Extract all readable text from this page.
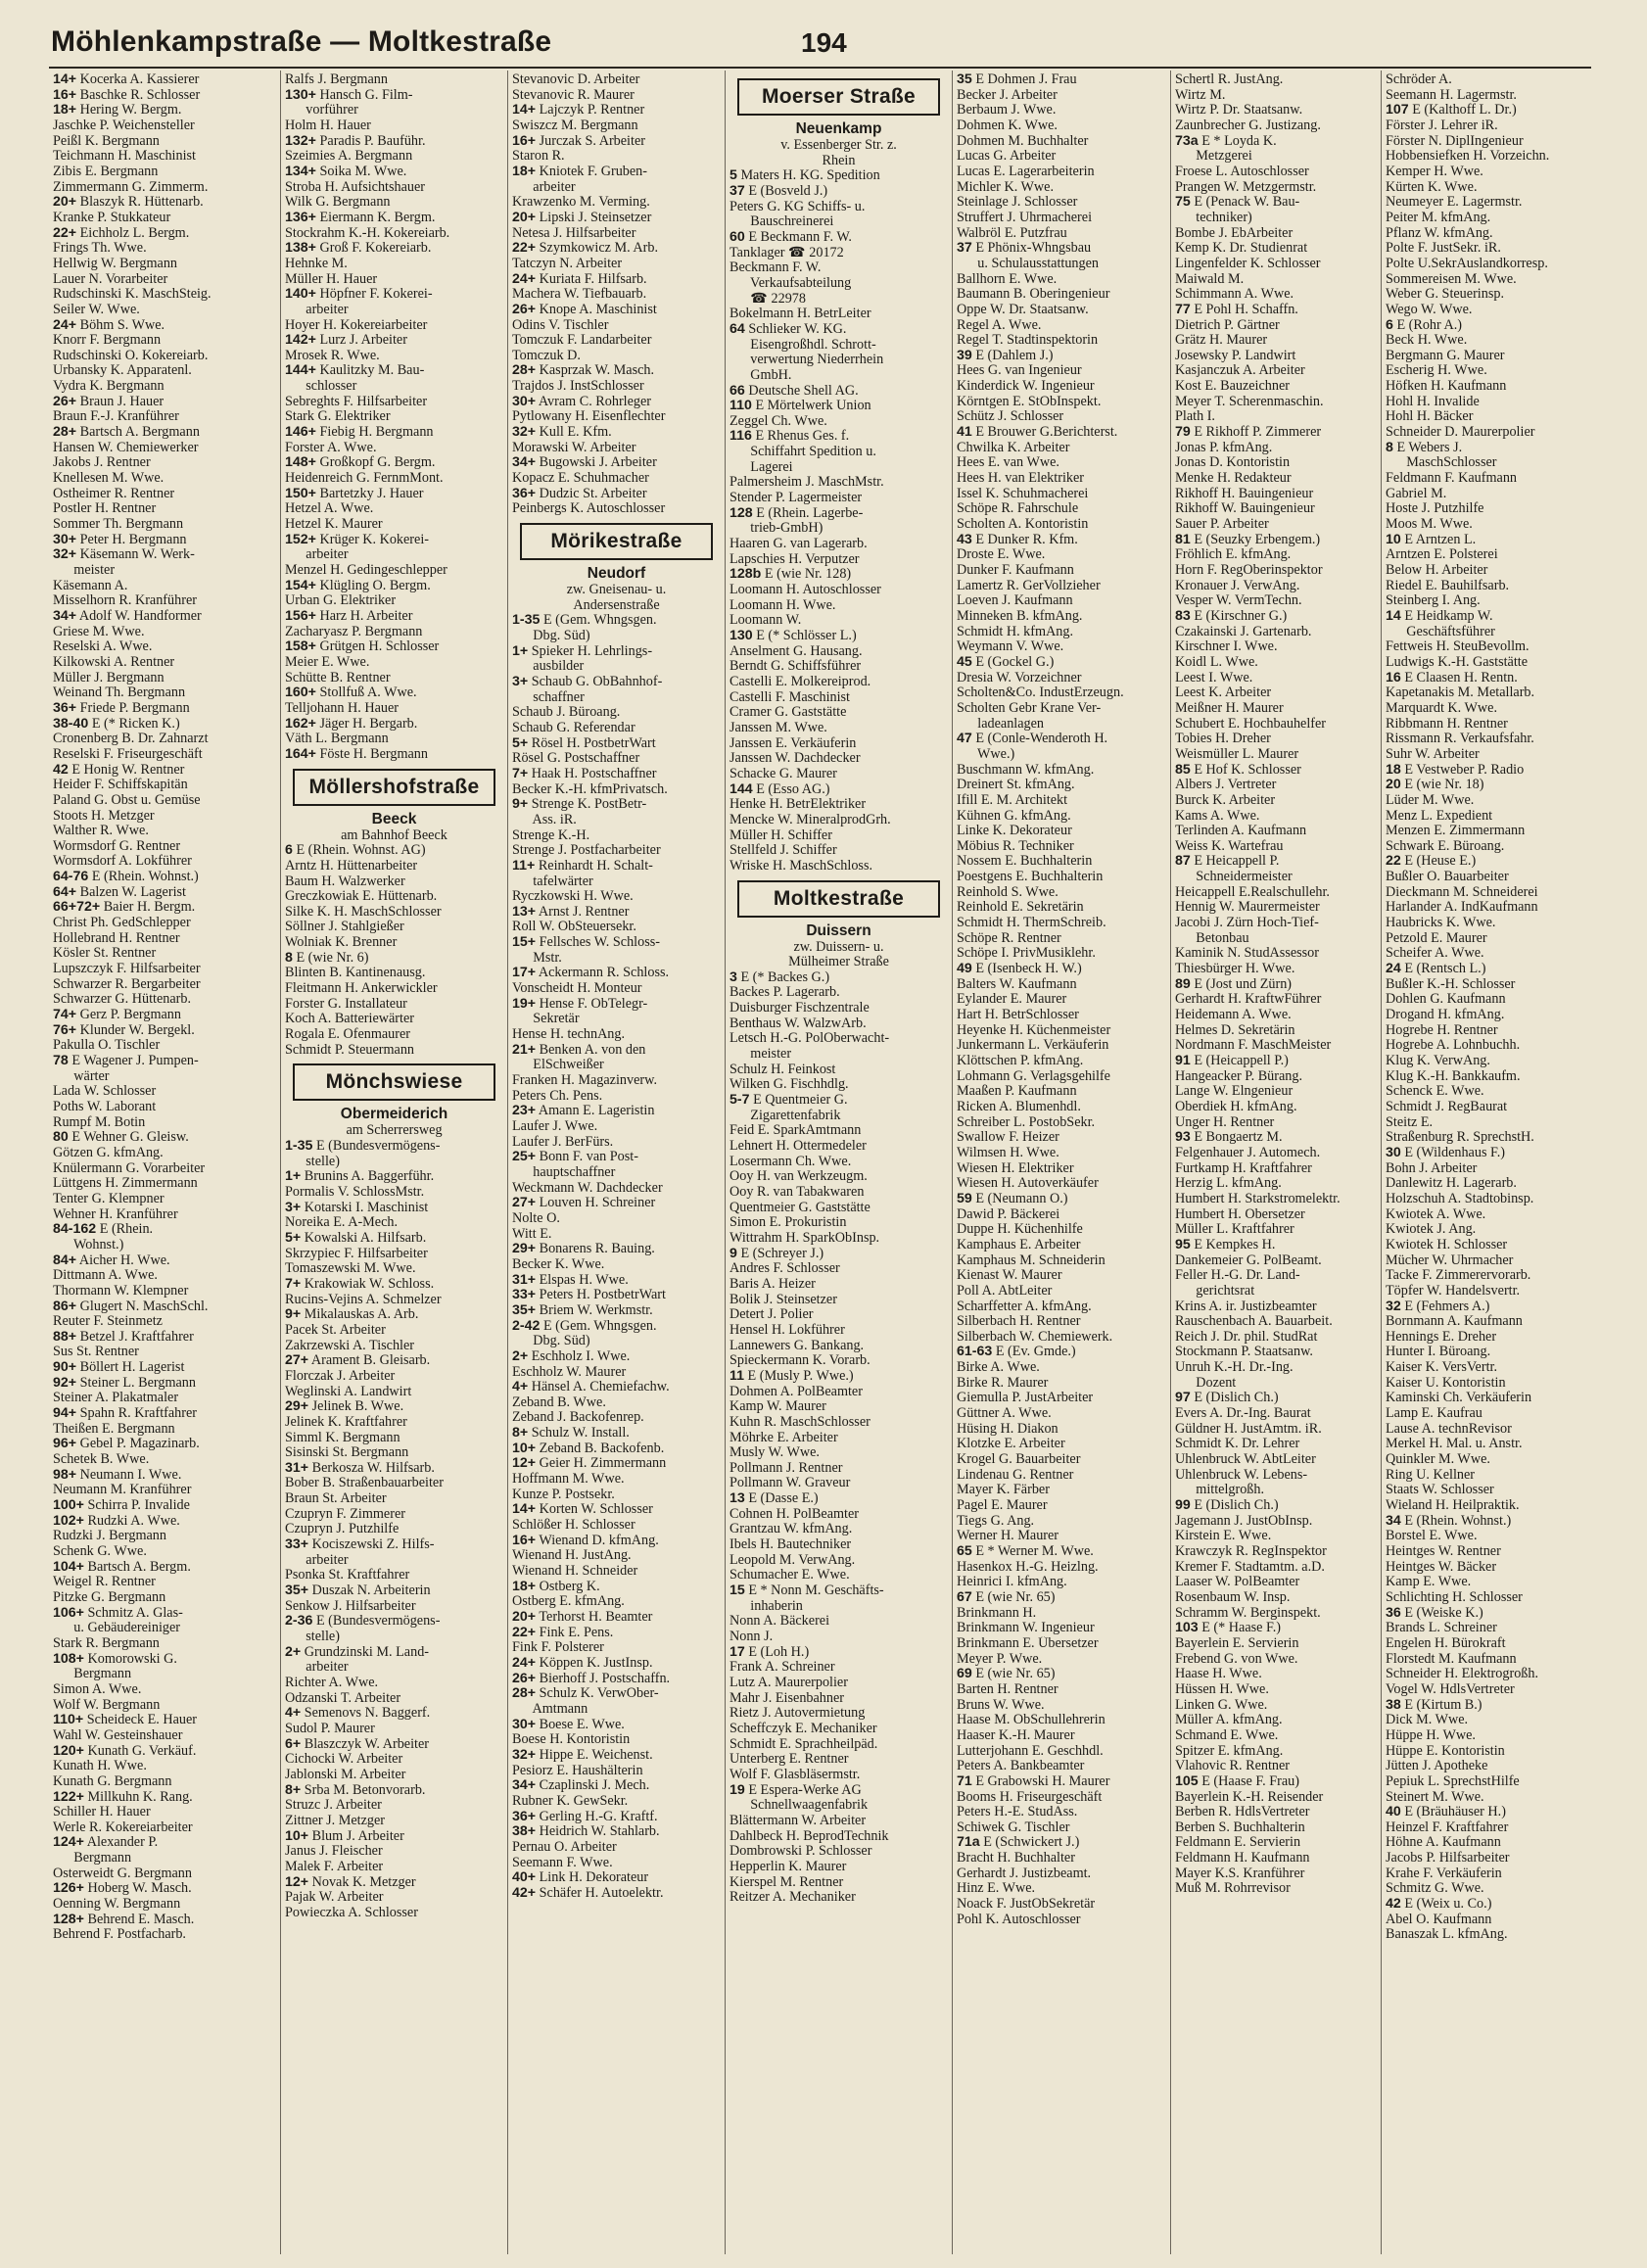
Möhlenkampstraße — Moltkestraße	194
14+ Kocerka A. Kassierer
16+ Baschke R. Schlosser
18+ Hering W. Bergm.
Jaschke P. Weichensteller
Peißl K. Bergmann
Teichmann H. Maschinist
Zibis E. Bergmann
Zimmermann G. Zimmerm.
20+ Blaszyk R. Hüttenarb.
Kranke P. Stukkateur
22+ Eichholz L. Bergm.
Frings Th. Wwe.
Hellwig W. Bergmann
Lauer N. Vorarbeiter
Rudschinski K. MaschSteig.
Seiler W. Wwe.
24+ Böhm S. Wwe.
Knorr F. Bergmann
Rudschinski O. Kokereiarb.
Urbansky K. Apparatenl.
Vydra K. Bergmann
26+ Braun J. Hauer
Braun F.-J. Kranführer
28+ Bartsch A. Bergmann
Hansen W. Chemiewerker
Jakobs J. Rentner
Knellesen M. Wwe.
Ostheimer R. Rentner
Postler H. Rentner
Sommer Th. Bergmann
30+ Peter H. Bergmann
32+ Käsemann W. Werk-
meister
Käsemann A.
Misselhorn R. Kranführer
34+ Adolf W. Handformer
Griese M. Wwe.
Reselski A. Wwe.
Kilkowski A. Rentner
Müller J. Bergmann
Weinand Th. Bergmann
36+ Friede P. Bergmann
38-40 E (* Ricken K.)
Cronenberg B. Dr. Zahnarzt
Reselski F. Friseurgeschäft
42 E Honig W. Rentner
Heider F. Schiffskapitän
Paland G. Obst u. Gemüse
Stoots H. Metzger
Walther R. Wwe.
Wormsdorf G. Rentner
Wormsdorf A. Lokführer
64-76 E (Rhein. Wohnst.)
64+ Balzen W. Lagerist
66+72+ Baier H. Bergm.
Christ Ph. GedSchlepper
Hollebrand H. Rentner
Kösler St. Rentner
Lupszczyk F. Hilfsarbeiter
Schwarzer R. Bergarbeiter
Schwarzer G. Hüttenarb.
74+ Gerz P. Bergmann
76+ Klunder W. Bergekl.
Pakulla O. Tischler
78 E Wagener J. Pumpen-
wärter
Lada W. Schlosser
Poths W. Laborant
Rumpf M. Botin
80 E Wehner G. Gleisw.
Götzen G. kfmAng.
Knülermann G. Vorarbeiter
Lüttgens H. Zimmermann
Tenter G. Klempner
Wehner H. Kranführer
84-162 E (Rhein.
Wohnst.)
84+ Aicher H. Wwe.
Dittmann A. Wwe.
Thormann W. Klempner
86+ Glugert N. MaschSchl.
Reuter F. Steinmetz
88+ Betzel J. Kraftfahrer
Sus St. Rentner
90+ Böllert H. Lagerist
92+ Steiner L. Bergmann
Steiner A. Plakatmaler
94+ Spahn R. Kraftfahrer
Theißen E. Bergmann
96+ Gebel P. Magazinarb.
Schetek B. Wwe.
98+ Neumann I. Wwe.
Neumann M. Kranführer
100+ Schirra P. Invalide
102+ Rudzki A. Wwe.
Rudzki J. Bergmann
Schenk G. Wwe.
104+ Bartsch A. Bergm.
Weigel R. Rentner
Pitzke G. Bergmann
106+ Schmitz A. Glas-
u. Gebäudereiniger
Stark R. Bergmann
108+ Komorowski G.
Bergmann
Simon A. Wwe.
Wolf W. Bergmann
110+ Scheideck E. Hauer
Wahl W. Gesteinshauer
120+ Kunath G. Verkäuf.
Kunath H. Wwe.
Kunath G. Bergmann
122+ Millkuhn K. Rang.
Schiller H. Hauer
Werle R. Kokereiarbeiter
124+ Alexander P.
Bergmann
Osterweidt G. Bergmann
126+ Hoberg W. Masch.
Oenning W. Bergmann
128+ Behrend E. Masch.
Behrend F. Postfacharb.
Ralfs J. Bergmann
130+ Hansch G. Film-
vorführer
Holm H. Hauer
132+ Paradis P. Bauführ.
Szeimies A. Bergmann
134+ Soika M. Wwe.
Stroba H. Aufsichtshauer
Wilk G. Bergmann
136+ Eiermann K. Bergm.
Stockrahm K.-H. Kokereiarb.
138+ Groß F. Kokereiarb.
Hehnke M.
Müller H. Hauer
140+ Höpfner F. Kokerei-
arbeiter
Hoyer H. Kokereiarbeiter
142+ Lurz J. Arbeiter
Mrosek R. Wwe.
144+ Kaulitzky M. Bau-
schlosser
Sebreghts F. Hilfsarbeiter
Stark G. Elektriker
146+ Fiebig H. Bergmann
Forster A. Wwe.
148+ Großkopf G. Bergm.
Heidenreich G. FernmMont.
150+ Bartetzky J. Hauer
Hetzel A. Wwe.
Hetzel K. Maurer
152+ Krüger K. Kokerei-
arbeiter
Menzel H. Gedingeschlepper
154+ Klügling O. Bergm.
Urban G. Elektriker
156+ Harz H. Arbeiter
Zacharyasz P. Bergmann
158+ Grütgen H. Schlosser
Meier E. Wwe.
Schütte B. Rentner
160+ Stollfuß A. Wwe.
Telljohann H. Hauer
162+ Jäger H. Bergarb.
Väth L. Bergmann
164+ Föste H. Bergmann
Möllershofstraße
Beeck
am Bahnhof Beeck
6 E (Rhein. Wohnst. AG)
Arntz H. Hüttenarbeiter
Baum H. Walzwerker
Greczkowiak E. Hüttenarb.
Silke K. H. MaschSchlosser
Söllner J. Stahlgießer
Wolniak K. Brenner
8 E (wie Nr. 6)
Blinten B. Kantinenausg.
Fleitmann H. Ankerwickler
Forster G. Installateur
Koch A. Batteriewärter
Rogala E. Ofenmaurer
Schmidt P. Steuermann
Mönchswiese
Obermeiderich
am Scherrersweg
1-35 E (Bundesvermögens-
stelle)
1+ Brunins A. Baggerführ.
Pormalis V. SchlossMstr.
3+ Kotarski I. Maschinist
Noreika E. A-Mech.
5+ Kowalski A. Hilfsarb.
Skrzypiec F. Hilfsarbeiter
Tomaszewski M. Wwe.
7+ Krakowiak W. Schloss.
Rucins-Vejins A. Schmelzer
9+ Mikalauskas A. Arb.
Pacek St. Arbeiter
Zakrzewski A. Tischler
27+ Arament B. Gleisarb.
Florczak J. Arbeiter
Weglinski A. Landwirt
29+ Jelinek B. Wwe.
Jelinek K. Kraftfahrer
Simml K. Bergmann
Sisinski St. Bergmann
31+ Berkosza W. Hilfsarb.
Bober B. Straßenbauarbeiter
Braun St. Arbeiter
Czupryn F. Zimmerer
Czupryn J. Putzhilfe
33+ Kociszewski Z. Hilfs-
arbeiter
Psonka St. Kraftfahrer
35+ Duszak N. Arbeiterin
Senkow J. Hilfsarbeiter
2-36 E (Bundesvermögens-
stelle)
2+ Grundzinski M. Land-
arbeiter
Richter A. Wwe.
Odzanski T. Arbeiter
4+ Semenovs N. Baggerf.
Sudol P. Maurer
6+ Blaszczyk W. Arbeiter
Cichocki W. Arbeiter
Jablonski M. Arbeiter
8+ Srba M. Betonvorarb.
Struzc J. Arbeiter
Zittner J. Metzger
10+ Blum J. Arbeiter
Janus J. Fleischer
Malek F. Arbeiter
12+ Novak K. Metzger
Pajak W. Arbeiter
Powieczka A. Schlosser
Stevanovic D. Arbeiter
Stevanovic R. Maurer
14+ Lajczyk P. Rentner
Swiszcz M. Bergmann
16+ Jurczak S. Arbeiter
Staron R.
18+ Kniotek F. Gruben-
arbeiter
Krawzenko M. Verming.
20+ Lipski J. Steinsetzer
Netesa J. Hilfsarbeiter
22+ Szymkowicz M. Arb.
Tatczyn N. Arbeiter
24+ Kuriata F. Hilfsarb.
Machera W. Tiefbauarb.
26+ Knope A. Maschinist
Odins V. Tischler
Tomczuk F. Landarbeiter
Tomczuk D.
28+ Kasprzak W. Masch.
Trajdos J. InstSchlosser
30+ Avram C. Rohrleger
Pytlowany H. Eisenflechter
32+ Kull E. Kfm.
Morawski W. Arbeiter
34+ Bugowski J. Arbeiter
Kopacz E. Schuhmacher
36+ Dudzic St. Arbeiter
Peinbergs K. Autoschlosser
Mörikestraße
Neudorf
zw. Gneisenau- u.
Andersenstraße
1-35 E (Gem. Whngsgen.
Dbg. Süd)
1+ Spieker H. Lehrlings-
ausbilder
3+ Schaub G. ObBahnhof-
schaffner
Schaub J. Büroang.
Schaub G. Referendar
5+ Rösel H. PostbetrWart
Rösel G. Postschaffner
7+ Haak H. Postschaffner
Becker K.-H. kfmPrivatsch.
9+ Strenge K. PostBetr-
Ass. iR.
Strenge K.-H.
Strenge J. Postfacharbeiter
11+ Reinhardt H. Schalt-
tafelwärter
Ryczkowski H. Wwe.
13+ Arnst J. Rentner
Roll W. ObSteuersekr.
15+ Fellsches W. Schloss-
Mstr.
17+ Ackermann R. Schloss.
Vonscheidt H. Monteur
19+ Hense F. ObTelegr-
Sekretär
Hense H. technAng.
21+ Benken A. von den
ElSchweißer
Franken H. Magazinverw.
Peters Ch. Pens.
23+ Amann E. Lageristin
Laufer J. Wwe.
Laufer J. BerFürs.
25+ Bonn F. van Post-
hauptschaffner
Weckmann W. Dachdecker
27+ Louven H. Schreiner
Nolte O.
Witt E.
29+ Bonarens R. Bauing.
Becker K. Wwe.
31+ Elspas H. Wwe.
33+ Peters H. PostbetrWart
35+ Briem W. Werkmstr.
2-42 E (Gem. Whngsgen.
Dbg. Süd)
2+ Eschholz I. Wwe.
Eschholz W. Maurer
4+ Hänsel A. Chemiefachw.
Zeband B. Wwe.
Zeband J. Backofenrep.
8+ Schulz W. Install.
10+ Zeband B. Backofenb.
12+ Geier H. Zimmermann
Hoffmann M. Wwe.
Kunze P. Postsekr.
14+ Korten W. Schlosser
Schlößer H. Schlosser
16+ Wienand D. kfmAng.
Wienand H. JustAng.
Wienand H. Schneider
18+ Ostberg K.
Ostberg E. kfmAng.
20+ Terhorst H. Beamter
22+ Fink E. Pens.
Fink F. Polsterer
24+ Köppen K. JustInsp.
26+ Bierhoff J. Postschaffn.
28+ Schulz K. VerwOber-
Amtmann
30+ Boese E. Wwe.
Boese H. Kontoristin
32+ Hippe E. Weichenst.
Pesiorz E. Haushälterin
34+ Czaplinski J. Mech.
Rubner K. GewSekr.
36+ Gerling H.-G. Kraftf.
38+ Heidrich W. Stahlarb.
Pernau O. Arbeiter
Seemann F. Wwe.
40+ Link H. Dekorateur
42+ Schäfer H. Autoelektr.
Moerser Straße
Neuenkamp
v. Essenberger Str. z.
Rhein
5 Maters H. KG. Spedition
37 E (Bosveld J.)
Peters G. KG Schiffs- u.
Bauschreinerei
60 E Beckmann F. W.
Tanklager ☎ 20172
Beckmann F. W.
Verkaufsabteilung
☎ 22978
Bokelmann H. BetrLeiter
64 Schlieker W. KG.
Eisengroßhdl. Schrott-
verwertung Niederrhein
GmbH.
66 Deutsche Shell AG.
110 E Mörtelwerk Union
Zeggel Ch. Wwe.
116 E Rhenus Ges. f.
Schiffahrt Spedition u.
Lagerei
Palmersheim J. MaschMstr.
Stender P. Lagermeister
128 E (Rhein. Lagerbe-
trieb-GmbH)
Haaren G. van Lagerarb.
Lapschies H. Verputzer
128b E (wie Nr. 128)
Loomann H. Autoschlosser
Loomann H. Wwe.
Loomann W.
130 E (* Schlösser L.)
Anselment G. Hausang.
Berndt G. Schiffsführer
Castelli E. Molkereiprod.
Castelli F. Maschinist
Cramer G. Gaststätte
Janssen M. Wwe.
Janssen E. Verkäuferin
Janssen W. Dachdecker
Schacke G. Maurer
144 E (Esso AG.)
Henke H. BetrElektriker
Mencke W. MineralprodGrh.
Müller H. Schiffer
Stellfeld J. Schiffer
Wriske H. MaschSchloss.
Moltkestraße
Duissern
zw. Duissern- u.
Mülheimer Straße
3 E (* Backes G.)
Backes P. Lagerarb.
Duisburger Fischzentrale
Benthaus W. WalzwArb.
Letsch H.-G. PolOberwacht-
meister
Schulz H. Feinkost
Wilken G. Fischhdlg.
5-7 E Quentmeier G.
Zigarettenfabrik
Feid E. SparkAmtmann
Lehnert H. Ottermedeler
Losermann Ch. Wwe.
Ooy H. van Werkzeugm.
Ooy R. van Tabakwaren
Quentmeier G. Gaststätte
Simon E. Prokuristin
Wittrahm H. SparkObInsp.
9 E (Schreyer J.)
Andres F. Schlosser
Baris A. Heizer
Bolik J. Steinsetzer
Detert J. Polier
Hensel H. Lokführer
Lannewers G. Bankang.
Spieckermann K. Vorarb.
11 E (Musly P. Wwe.)
Dohmen A. PolBeamter
Kamp W. Maurer
Kuhn R. MaschSchlosser
Möhrke E. Arbeiter
Musly W. Wwe.
Pollmann J. Rentner
Pollmann W. Graveur
13 E (Dasse E.)
Cohnen H. PolBeamter
Grantzau W. kfmAng.
Ibels H. Bautechniker
Leopold M. VerwAng.
Schumacher E. Wwe.
15 E * Nonn M. Geschäfts-
inhaberin
Nonn A. Bäckerei
Nonn J.
17 E (Loh H.)
Frank A. Schreiner
Lutz A. Maurerpolier
Mahr J. Eisenbahner
Rietz J. Autovermietung
Scheffczyk E. Mechaniker
Schmidt E. Sprachheilpäd.
Unterberg E. Rentner
Wolf F. Glasbläsermstr.
19 E Espera-Werke AG
Schnellwaagenfabrik
Blättermann W. Arbeiter
Dahlbeck H. BeprodTechnik
Dombrowski P. Schlosser
Hepperlin K. Maurer
Kierspel M. Rentner
Reitzer A. Mechaniker
35 E Dohmen J. Frau
Becker J. Arbeiter
Berbaum J. Wwe.
Dohmen K. Wwe.
Dohmen M. Buchhalter
Lucas G. Arbeiter
Lucas E. Lagerarbeiterin
Michler K. Wwe.
Steinlage J. Schlosser
Struffert J. Uhrmacherei
Walbröl E. Putzfrau
37 E Phönix-Whngsbau
u. Schulausstattungen
Ballhorn E. Wwe.
Baumann B. Oberingenieur
Oppe W. Dr. Staatsanw.
Regel A. Wwe.
Regel T. Stadtinspektorin
39 E (Dahlem J.)
Hees G. van Ingenieur
Kinderdick W. Ingenieur
Körntgen E. StObInspekt.
Schütz J. Schlosser
41 E Brouwer G.Berichterst.
Chwilka K. Arbeiter
Hees E. van Wwe.
Hees H. van Elektriker
Issel K. Schuhmacherei
Schöpe R. Fahrschule
Scholten A. Kontoristin
43 E Dunker R. Kfm.
Droste E. Wwe.
Dunker F. Kaufmann
Lamertz R. GerVollzieher
Loeven J. Kaufmann
Minneken B. kfmAng.
Schmidt H. kfmAng.
Weymann V. Wwe.
45 E (Gockel G.)
Dresia W. Vorzeichner
Scholten&Co. IndustErzeugn.
Scholten Gebr Krane Ver-
ladeanlagen
47 E (Conle-Wenderoth H.
Wwe.)
Buschmann W. kfmAng.
Dreinert St. kfmAng.
Ifill E. M. Architekt
Kühnen G. kfmAng.
Linke K. Dekorateur
Möbius R. Techniker
Nossem E. Buchhalterin
Poestgens E. Buchhalterin
Reinhold S. Wwe.
Reinhold E. Sekretärin
Schmidt H. ThermSchreib.
Schöpe R. Rentner
Schöpe I. PrivMusiklehr.
49 E (Isenbeck H. W.)
Balters W. Kaufmann
Eylander E. Maurer
Hart H. BetrSchlosser
Heyenke H. Küchenmeister
Junkermann L. Verkäuferin
Klöttschen P. kfmAng.
Lohmann G. Verlagsgehilfe
Maaßen P. Kaufmann
Ricken A. Blumenhdl.
Schreiber L. PostobSekr.
Swallow F. Heizer
Wilmsen H. Wwe.
Wiesen H. Elektriker
Wiesen H. Autoverkäufer
59 E (Neumann O.)
Dawid P. Bäckerei
Duppe H. Küchenhilfe
Kamphaus E. Arbeiter
Kamphaus M. Schneiderin
Kienast W. Maurer
Poll A. AbtLeiter
Scharffetter A. kfmAng.
Silberbach H. Rentner
Silberbach W. Chemiewerk.
61-63 E (Ev. Gmde.)
Birke A. Wwe.
Birke R. Maurer
Giemulla P. JustArbeiter
Güttner A. Wwe.
Hüsing H. Diakon
Klotzke E. Arbeiter
Krogel G. Bauarbeiter
Lindenau G. Rentner
Mayer K. Färber
Pagel E. Maurer
Tiegs G. Ang.
Werner H. Maurer
65 E * Werner M. Wwe.
Hasenkox H.-G. Heizlng.
Heinrici I. kfmAng.
67 E (wie Nr. 65)
Brinkmann H.
Brinkmann W. Ingenieur
Brinkmann E. Übersetzer
Meyer P. Wwe.
69 E (wie Nr. 65)
Barten H. Rentner
Bruns W. Wwe.
Haase M. ObSchullehrerin
Haaser K.-H. Maurer
Lutterjohann E. Geschhdl.
Peters A. Bankbeamter
71 E Grabowski H. Maurer
Booms H. Friseurgeschäft
Peters H.-E. StudAss.
Schiwek G. Tischler
71a E (Schwickert J.)
Bracht H. Buchhalter
Gerhardt J. Justizbeamt.
Hinz E. Wwe.
Noack F. JustObSekretär
Pohl K. Autoschlosser
Schertl R. JustAng.
Wirtz M.
Wirtz P. Dr. Staatsanw.
Zaunbrecher G. Justizang.
73a E * Loyda K.
Metzgerei
Froese L. Autoschlosser
Prangen W. Metzgermstr.
75 E (Penack W. Bau-
techniker)
Bombe J. EbArbeiter
Kemp K. Dr. Studienrat
Lingenfelder K. Schlosser
Maiwald M.
Schimmann A. Wwe.
77 E Pohl H. Schaffn.
Dietrich P. Gärtner
Grätz H. Maurer
Josewsky P. Landwirt
Kasjanczuk A. Arbeiter
Kost E. Bauzeichner
Meyer T. Scherenmaschin.
Plath I.
79 E Rikhoff P. Zimmerer
Jonas P. kfmAng.
Jonas D. Kontoristin
Menke H. Redakteur
Rikhoff H. Bauingenieur
Rikhoff W. Bauingenieur
Sauer P. Arbeiter
81 E (Seuzky Erbengem.)
Fröhlich E. kfmAng.
Horn F. RegOberinspektor
Kronauer J. VerwAng.
Vesper W. VermTechn.
83 E (Kirschner G.)
Czakainski J. Gartenarb.
Kirschner I. Wwe.
Koidl L. Wwe.
Leest I. Wwe.
Leest K. Arbeiter
Meißner H. Maurer
Schubert E. Hochbauhelfer
Tobies H. Dreher
Weismüller L. Maurer
85 E Hof K. Schlosser
Albers J. Vertreter
Burck K. Arbeiter
Kams A. Wwe.
Terlinden A. Kaufmann
Weiss K. Wartefrau
87 E Heicappell P.
Schneidermeister
Heicappell E.Realschullehr.
Hennig W. Maurermeister
Jacobi J. Zürn Hoch-Tief-
Betonbau
Kaminik N. StudAssessor
Thiesbürger H. Wwe.
89 E (Jost und Zürn)
Gerhardt H. KraftwFührer
Heidemann A. Wwe.
Helmes D. Sekretärin
Nordmann F. MaschMeister
91 E (Heicappell P.)
Hangeacker P. Bürang.
Lange W. Elngenieur
Oberdiek H. kfmAng.
Unger H. Rentner
93 E Bongaertz M.
Felgenhauer J. Automech.
Furtkamp H. Kraftfahrer
Herzig L. kfmAng.
Humbert H. Starkstromelektr.
Humbert H. Obersetzer
Müller L. Kraftfahrer
95 E Kempkes H.
Dankemeier G. PolBeamt.
Feller H.-G. Dr. Land-
gerichtsrat
Krins A. ir. Justizbeamter
Rauschenbach A. Bauarbeit.
Reich J. Dr. phil. StudRat
Stockmann P. Staatsanw.
Unruh K.-H. Dr.-Ing.
Dozent
97 E (Dislich Ch.)
Evers A. Dr.-Ing. Baurat
Güldner H. JustAmtm. iR.
Schmidt K. Dr. Lehrer
Uhlenbruck W. AbtLeiter
Uhlenbruck W. Lebens-
mittelgroßh.
99 E (Dislich Ch.)
Jagemann J. JustObInsp.
Kirstein E. Wwe.
Krawczyk R. RegInspektor
Kremer F. Stadtamtm. a.D.
Laaser W. PolBeamter
Rosenbaum W. Insp.
Schramm W. Berginspekt.
103 E (* Haase F.)
Bayerlein E. Servierin
Frebend G. von Wwe.
Haase H. Wwe.
Hüssen H. Wwe.
Linken G. Wwe.
Müller A. kfmAng.
Schmand E. Wwe.
Spitzer E. kfmAng.
Vlahovic R. Rentner
105 E (Haase F. Frau)
Bayerlein K.-H. Reisender
Berben R. HdlsVertreter
Berben S. Buchhalterin
Feldmann E. Servierin
Feldmann H. Kaufmann
Mayer K.S. Kranführer
Muß M. Rohrrevisor
Schröder A.
Seemann H. Lagermstr.
107 E (Kalthoff L. Dr.)
Förster J. Lehrer iR.
Förster N. DiplIngenieur
Hobbensiefken H. Vorzeichn.
Kemper H. Wwe.
Kürten K. Wwe.
Neumeyer E. Lagermstr.
Peiter M. kfmAng.
Pflanz W. kfmAng.
Polte F. JustSekr. iR.
Polte U.SekrAuslandkorresp.
Sommereisen M. Wwe.
Weber G. Steuerinsp.
Wego W. Wwe.
6 E (Rohr A.)
Beck H. Wwe.
Bergmann G. Maurer
Escherig H. Wwe.
Höfken H. Kaufmann
Hohl H. Invalide
Hohl H. Bäcker
Schneider D. Maurerpolier
8 E Webers J.
MaschSchlosser
Feldmann F. Kaufmann
Gabriel M.
Hoste J. Putzhilfe
Moos M. Wwe.
10 E Arntzen L.
Arntzen E. Polsterei
Below H. Arbeiter
Riedel E. Bauhilfsarb.
Steinberg I. Ang.
14 E Heidkamp W.
Geschäftsführer
Fettweis H. SteuBevollm.
Ludwigs K.-H. Gaststätte
16 E Claasen H. Rentn.
Kapetanakis M. Metallarb.
Marquardt K. Wwe.
Ribbmann H. Rentner
Rissmann R. Verkaufsfahr.
Suhr W. Arbeiter
18 E Vestweber P. Radio
20 E (wie Nr. 18)
Lüder M. Wwe.
Menz L. Expedient
Menzen E. Zimmermann
Schwark E. Büroang.
22 E (Heuse E.)
Bußler O. Bauarbeiter
Dieckmann M. Schneiderei
Harlander A. IndKaufmann
Haubricks K. Wwe.
Petzold E. Maurer
Scheifer A. Wwe.
24 E (Rentsch L.)
Bußler K.-H. Schlosser
Dohlen G. Kaufmann
Drogand H. kfmAng.
Hogrebe H. Rentner
Hogrebe A. Lohnbuchh.
Klug K. VerwAng.
Klug K.-H. Bankkaufm.
Schenck E. Wwe.
Schmidt J. RegBaurat
Steitz E.
Straßenburg R. SprechstH.
30 E (Wildenhaus F.)
Bohn J. Arbeiter
Danlewitz H. Lagerarb.
Holzschuh A. Stadtobinsp.
Kwiotek A. Wwe.
Kwiotek J. Ang.
Kwiotek H. Schlosser
Mücher W. Uhrmacher
Tacke F. Zimmerervorarb.
Töpfer W. Handelsvertr.
32 E (Fehmers A.)
Bornmann A. Kaufmann
Hennings E. Dreher
Hunter I. Büroang.
Kaiser K. VersVertr.
Kaiser U. Kontoristin
Kaminski Ch. Verkäuferin
Lamp E. Kaufrau
Lause A. technRevisor
Merkel H. Mal. u. Anstr.
Quinkler M. Wwe.
Ring U. Kellner
Staats W. Schlosser
Wieland H. Heilpraktik.
34 E (Rhein. Wohnst.)
Borstel E. Wwe.
Heintges W. Rentner
Heintges W. Bäcker
Kamp E. Wwe.
Schlichting H. Schlosser
36 E (Weiske K.)
Brands L. Schreiner
Engelen H. Bürokraft
Florstedt M. Kaufmann
Schneider H. Elektrogroßh.
Vogel W. HdlsVertreter
38 E (Kirtum B.)
Dick M. Wwe.
Hüppe H. Wwe.
Hüppe E. Kontoristin
Jütten J. Apotheke
Pepiuk L. SprechstHilfe
Steinert M. Wwe.
40 E (Bräuhäuser H.)
Heinzel F. Kraftfahrer
Höhne A. Kaufmann
Jacobs P. Hilfsarbeiter
Krahe F. Verkäuferin
Schmitz G. Wwe.
42 E (Weix u. Co.)
Abel O. Kaufmann
Banaszak L. kfmAng.
